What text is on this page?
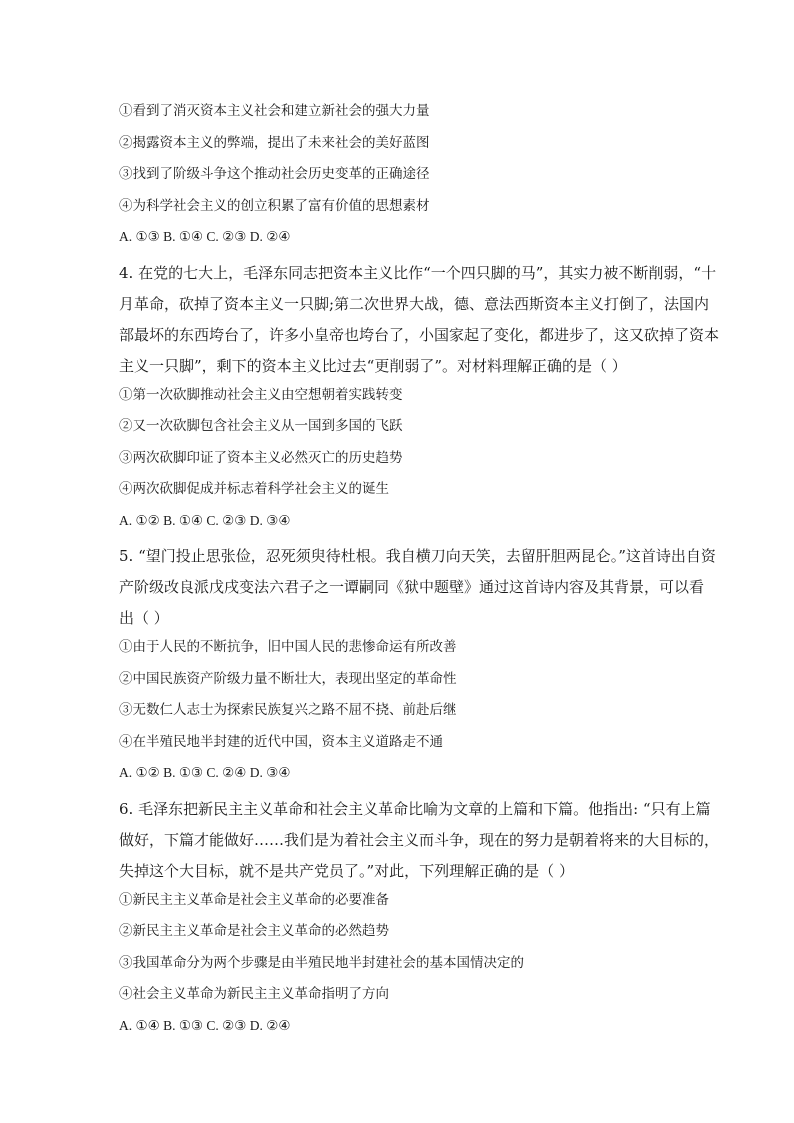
①看到了消灭资本主义社会和建立新社会的强大力量
②揭露资本主义的弊端，提出了未来社会的美好蓝图
③找到了阶级斗争这个推动社会历史变革的正确途径
④为科学社会主义的创立积累了富有价值的思想素材
A. ①③ B. ①④ C. ②③ D. ②④
4. 在党的七大上，毛泽东同志把资本主义比作“一个四只脚的马”，其实力被不断削弱，“十
月革命，砍掉了资本主义一只脚;第二次世界大战，德、意法西斯资本主义打倒了，法国内
部最坏的东西垮台了，许多小皇帝也垮台了，小国家起了变化，都进步了，这又砍掉了资本
主义一只脚”，剩下的资本主义比过去“更削弱了”。对材料理解正确的是（ ）
①第一次砍脚推动社会主义由空想朝着实践转变
②又一次砍脚包含社会主义从一国到多国的飞跃
③两次砍脚印证了资本主义必然灭亡的历史趋势
④两次砍脚促成并标志着科学社会主义的诞生
A. ①② B. ①④ C. ②③ D. ③④
5. “望门投止思张俭，忍死须臾待杜根。我自横刀向天笑，去留肝胆两昆仑。”这首诗出自资
产阶级改良派戊戌变法六君子之一谭嗣同《狱中题壁》通过这首诗内容及其背景，可以看
出（ ）
①由于人民的不断抗争，旧中国人民的悲惨命运有所改善
②中国民族资产阶级力量不断壮大，表现出坚定的革命性
③无数仁人志士为探索民族复兴之路不屈不挠、前赴后继
④在半殖民地半封建的近代中国，资本主义道路走不通
A. ①② B. ①③ C. ②④ D. ③④
6. 毛泽东把新民主主义革命和社会主义革命比喻为文章的上篇和下篇。他指出: “只有上篇
做好，下篇才能做好……我们是为着社会主义而斗争，现在的努力是朝着将来的大目标的，
失掉这个大目标，就不是共产党员了。”对此，下列理解正确的是（ ）
①新民主主义革命是社会主义革命的必要准备
②新民主主义革命是社会主义革命的必然趋势
③我国革命分为两个步骤是由半殖民地半封建社会的基本国情决定的
④社会主义革命为新民主主义革命指明了方向
A. ①④ B. ①③ C. ②③ D. ②④
